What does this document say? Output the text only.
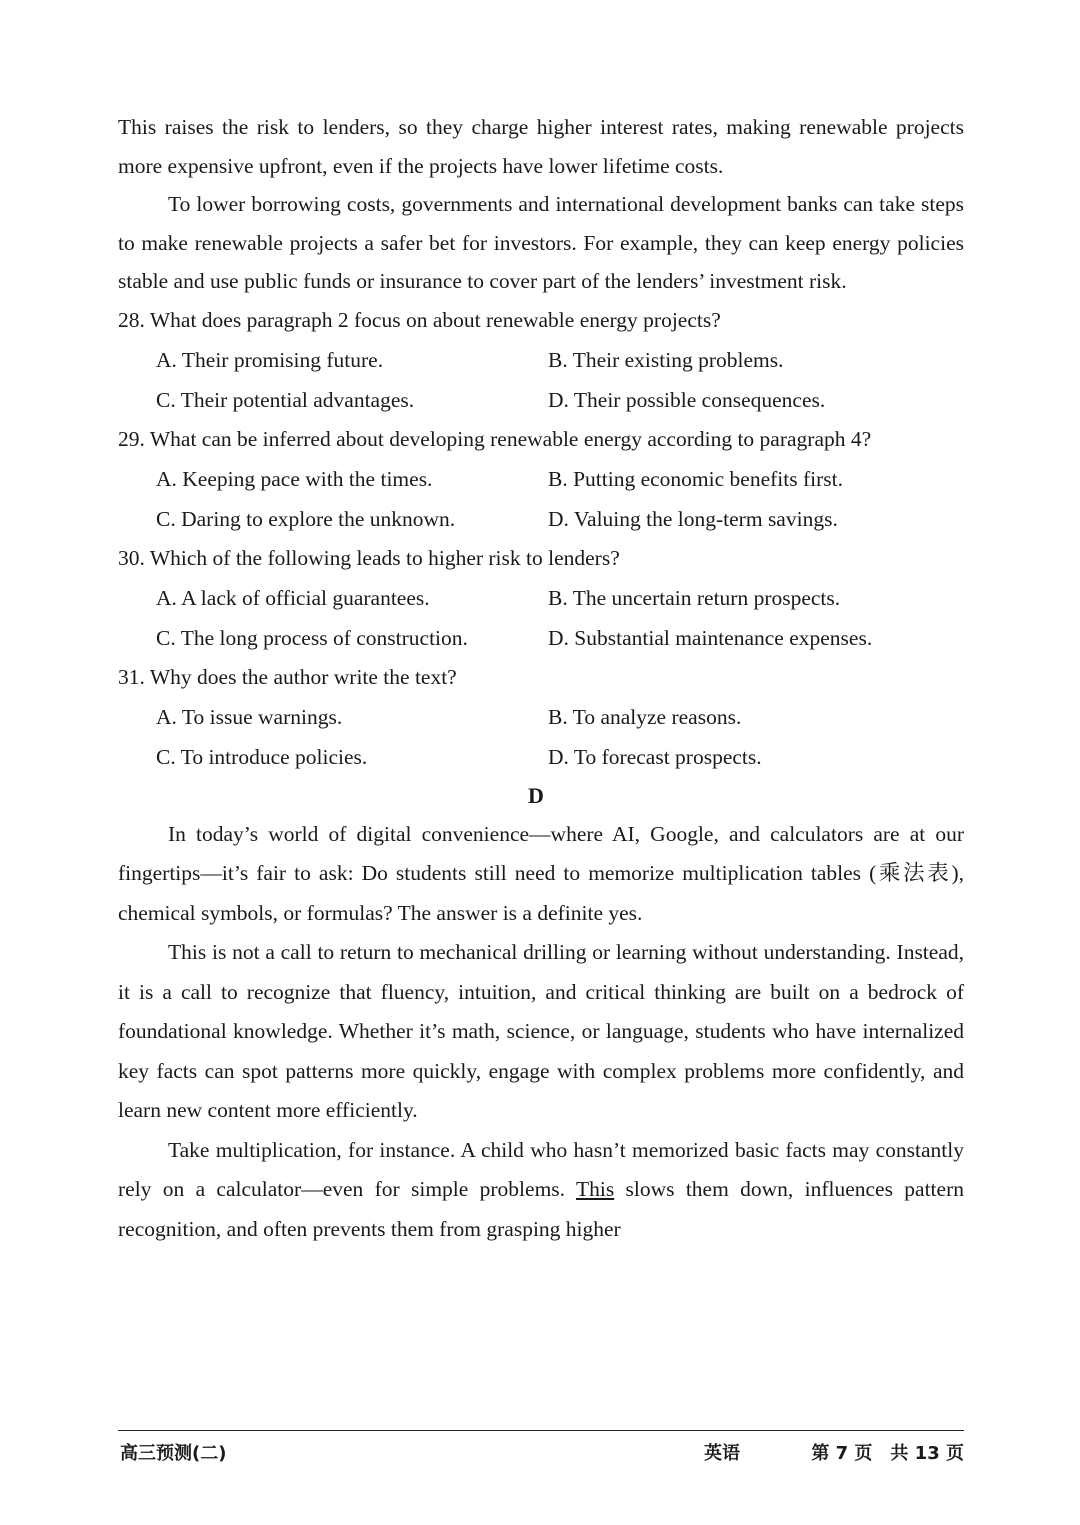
This raises the risk to lenders, so they charge higher interest rates, making renewable projects more expensive upfront, even if the projects have lower lifetime costs.

To lower borrowing costs, governments and international development banks can take steps to make renewable projects a safer bet for investors. For example, they can keep energy policies stable and use public funds or insurance to cover part of the lenders’ investment risk.

28. What does paragraph 2 focus on about renewable energy projects?

A. Their promising future.	B. Their existing problems.
C. Their potential advantages.	D. Their possible consequences.

29. What can be inferred about developing renewable energy according to paragraph 4?

A. Keeping pace with the times.	B. Putting economic benefits first.
C. Daring to explore the unknown.	D. Valuing the long-term savings.

30. Which of the following leads to higher risk to lenders?

A. A lack of official guarantees.	B. The uncertain return prospects.
C. The long process of construction.	D. Substantial maintenance expenses.

31. Why does the author write the text?

A. To issue warnings.	B. To analyze reasons.
C. To introduce policies.	D. To forecast prospects.
D

In today’s world of digital convenience—where AI, Google, and calculators are at our fingertips—it’s fair to ask: Do students still need to memorize multiplication tables (乘法表), chemical symbols, or formulas? The answer is a definite yes.

This is not a call to return to mechanical drilling or learning without understanding. Instead, it is a call to recognize that fluency, intuition, and critical thinking are built on a bedrock of foundational knowledge. Whether it’s math, science, or language, students who have internalized key facts can spot patterns more quickly, engage with complex problems more confidently, and learn new content more efficiently.

Take multiplication, for instance. A child who hasn’t memorized basic facts may constantly rely on a calculator—even for simple problems. This slows them down, influences pattern recognition, and often prevents them from grasping higher

高三预测(二)	英语	第 7 页　共 13 页
